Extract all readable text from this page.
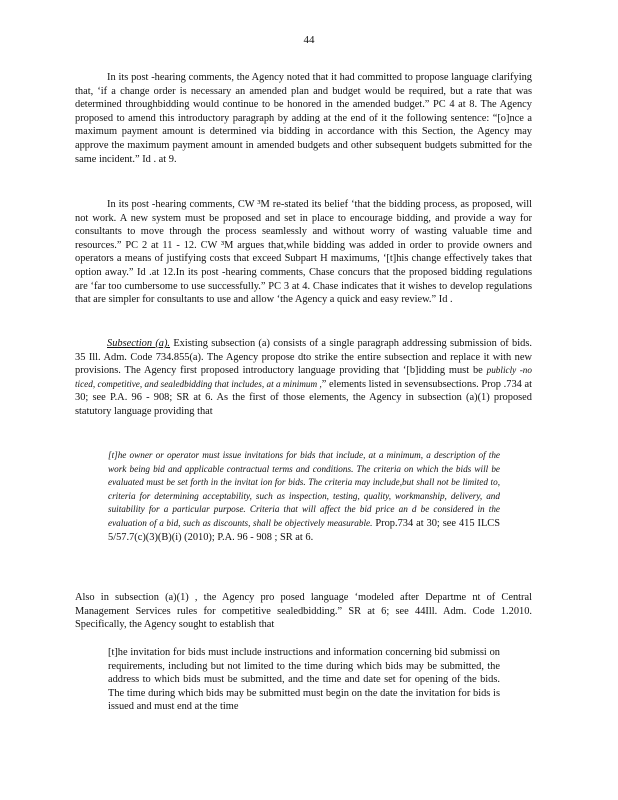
44

In its post -hearing comments, the Agency noted that it had committed to propose language clarifying that, ‘if a change order is necessary an amended plan and budget would be required, but a rate that was determined throughbidding would continue to be honored in the amended budget.” PC 4 at 8. The Agency proposed to amend this introductory paragraph by adding at the end of it the following sentence: “[o]nce a maximum payment amount is determined via bidding in accordance with this Section, the Agency may approve the maximum payment amount in amended budgets and other subsequent budgets submitted for the same incident.” Id . at 9.

In its post -hearing comments, CW ³M re-stated its belief ‘that the bidding process, as proposed, will not work. A new system must be proposed and set in place to encourage bidding, and provide a way for consultants to move through the process seamlessly and without worry of wasting valuable time and resources.” PC 2 at 11 - 12. CW ³M argues that,while bidding was added in order to provide owners and operators a means of justifying costs that exceed Subpart H maximums, ‘[t]his change effectively takes that option away.” Id .at 12.In its post -hearing comments, Chase concurs that the proposed bidding regulations are ‘far too cumbersome to use successfully.” PC 3 at 4. Chase indicates that it wishes to develop regulations that are simpler for consultants to use and allow ‘the Agency a quick and easy review.” Id .

Subsection (a). Existing subsection (a) consists of a single paragraph addressing submission of bids. 35 Ill. Adm. Code 734.855(a). The Agency propose dto strike the entire subsection and replace it with new provisions. The Agency first proposed introductory language providing that ‘[b]idding must be publicly -no ticed, competitive, and sealedbidding that includes, at a minimum ,” elements listed in sevensubsections. Prop .734 at 30; see P.A. 96 - 908; SR at 6. As the first of those elements, the Agency in subsection (a)(1) proposed statutory language providing that

[t]he owner or operator must issue invitations for bids that include, at a minimum, a description of the work being bid and applicable contractual terms and conditions. The criteria on which the bids will be evaluated must be set forth in the invitat ion for bids. The criteria may include,but shall not be limited to, criteria for determining acceptability, such as inspection, testing, quality, workmanship, delivery, and suitability for a particular purpose. Criteria that will affect the bid price an d be considered in the evaluation of a bid, such as discounts, shall be objectively measurable. Prop.734 at 30; see 415 ILCS 5/57.7(c)(3)(B)(i) (2010); P.A. 96 - 908 ; SR at 6.

Also in subsection (a)(1) , the Agency pro posed language ‘modeled after Departme nt of Central Management Services rules for competitive sealedbidding.” SR at 6; see 44Ill. Adm. Code 1.2010. Specifically, the Agency sought to establish that

[t]he invitation for bids must include instructions and information concerning bid submissi on requirements, including but not limited to the time during which bids may be submitted, the address to which bids must be submitted, and the time and date set for opening of the bids. The time during which bids may be submitted must begin on the date the invitation for bids is issued and must end at the time
